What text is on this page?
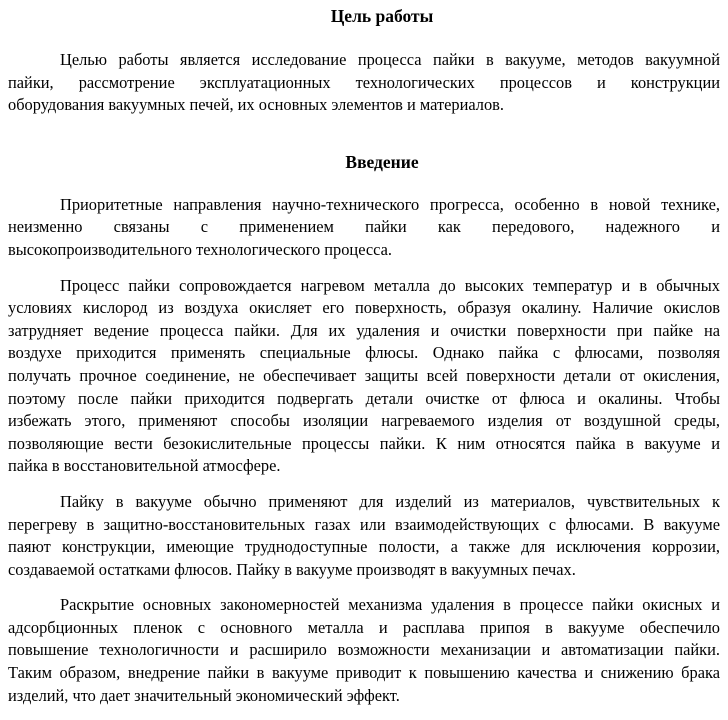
Цель работы
Целью работы является исследование процесса пайки в вакууме, методов вакуумной
пайки, рассмотрение эксплуатационных технологических процессов и конструкции
оборудования вакуумных печей, их основных элементов и материалов.
Введение
Приоритетные направления научно-технического прогресса, особенно в новой технике,
неизменно связаны с применением пайки как передового, надежного и
высокопроизводительного технологического процесса.
Процесс пайки сопровождается нагревом металла до высоких температур и в обычных
условиях кислород из воздуха окисляет его поверхность, образуя окалину. Наличие окислов
затрудняет ведение процесса пайки. Для их удаления и очистки поверхности при пайке на
воздухе приходится применять специальные флюсы. Однако пайка с флюсами, позволяя
получать прочное соединение, не обеспечивает защиты всей поверхности детали от окисления,
поэтому после пайки приходится подвергать детали очистке от флюса и окалины. Чтобы
избежать этого, применяют способы изоляции нагреваемого изделия от воздушной среды,
позволяющие вести безокислительные процессы пайки. К ним относятся пайка в вакууме и
пайка в восстановительной атмосфере.
Пайку в вакууме обычно применяют для изделий из материалов, чувствительных к
перегреву в защитно-восстановительных газах или взаимодействующих с флюсами. В вакууме
паяют конструкции, имеющие труднодоступные полости, а также для исключения коррозии,
создаваемой остатками флюсов. Пайку в вакууме производят в вакуумных печах.
Раскрытие основных закономерностей механизма удаления в процессе пайки окисных и
адсорбционных пленок с основного металла и расплава припоя в вакууме обеспечило
повышение технологичности и расширило возможности механизации и автоматизации пайки.
Таким образом, внедрение пайки в вакууме приводит к повышению качества и снижению брака
изделий, что дает значительный экономический эффект.
